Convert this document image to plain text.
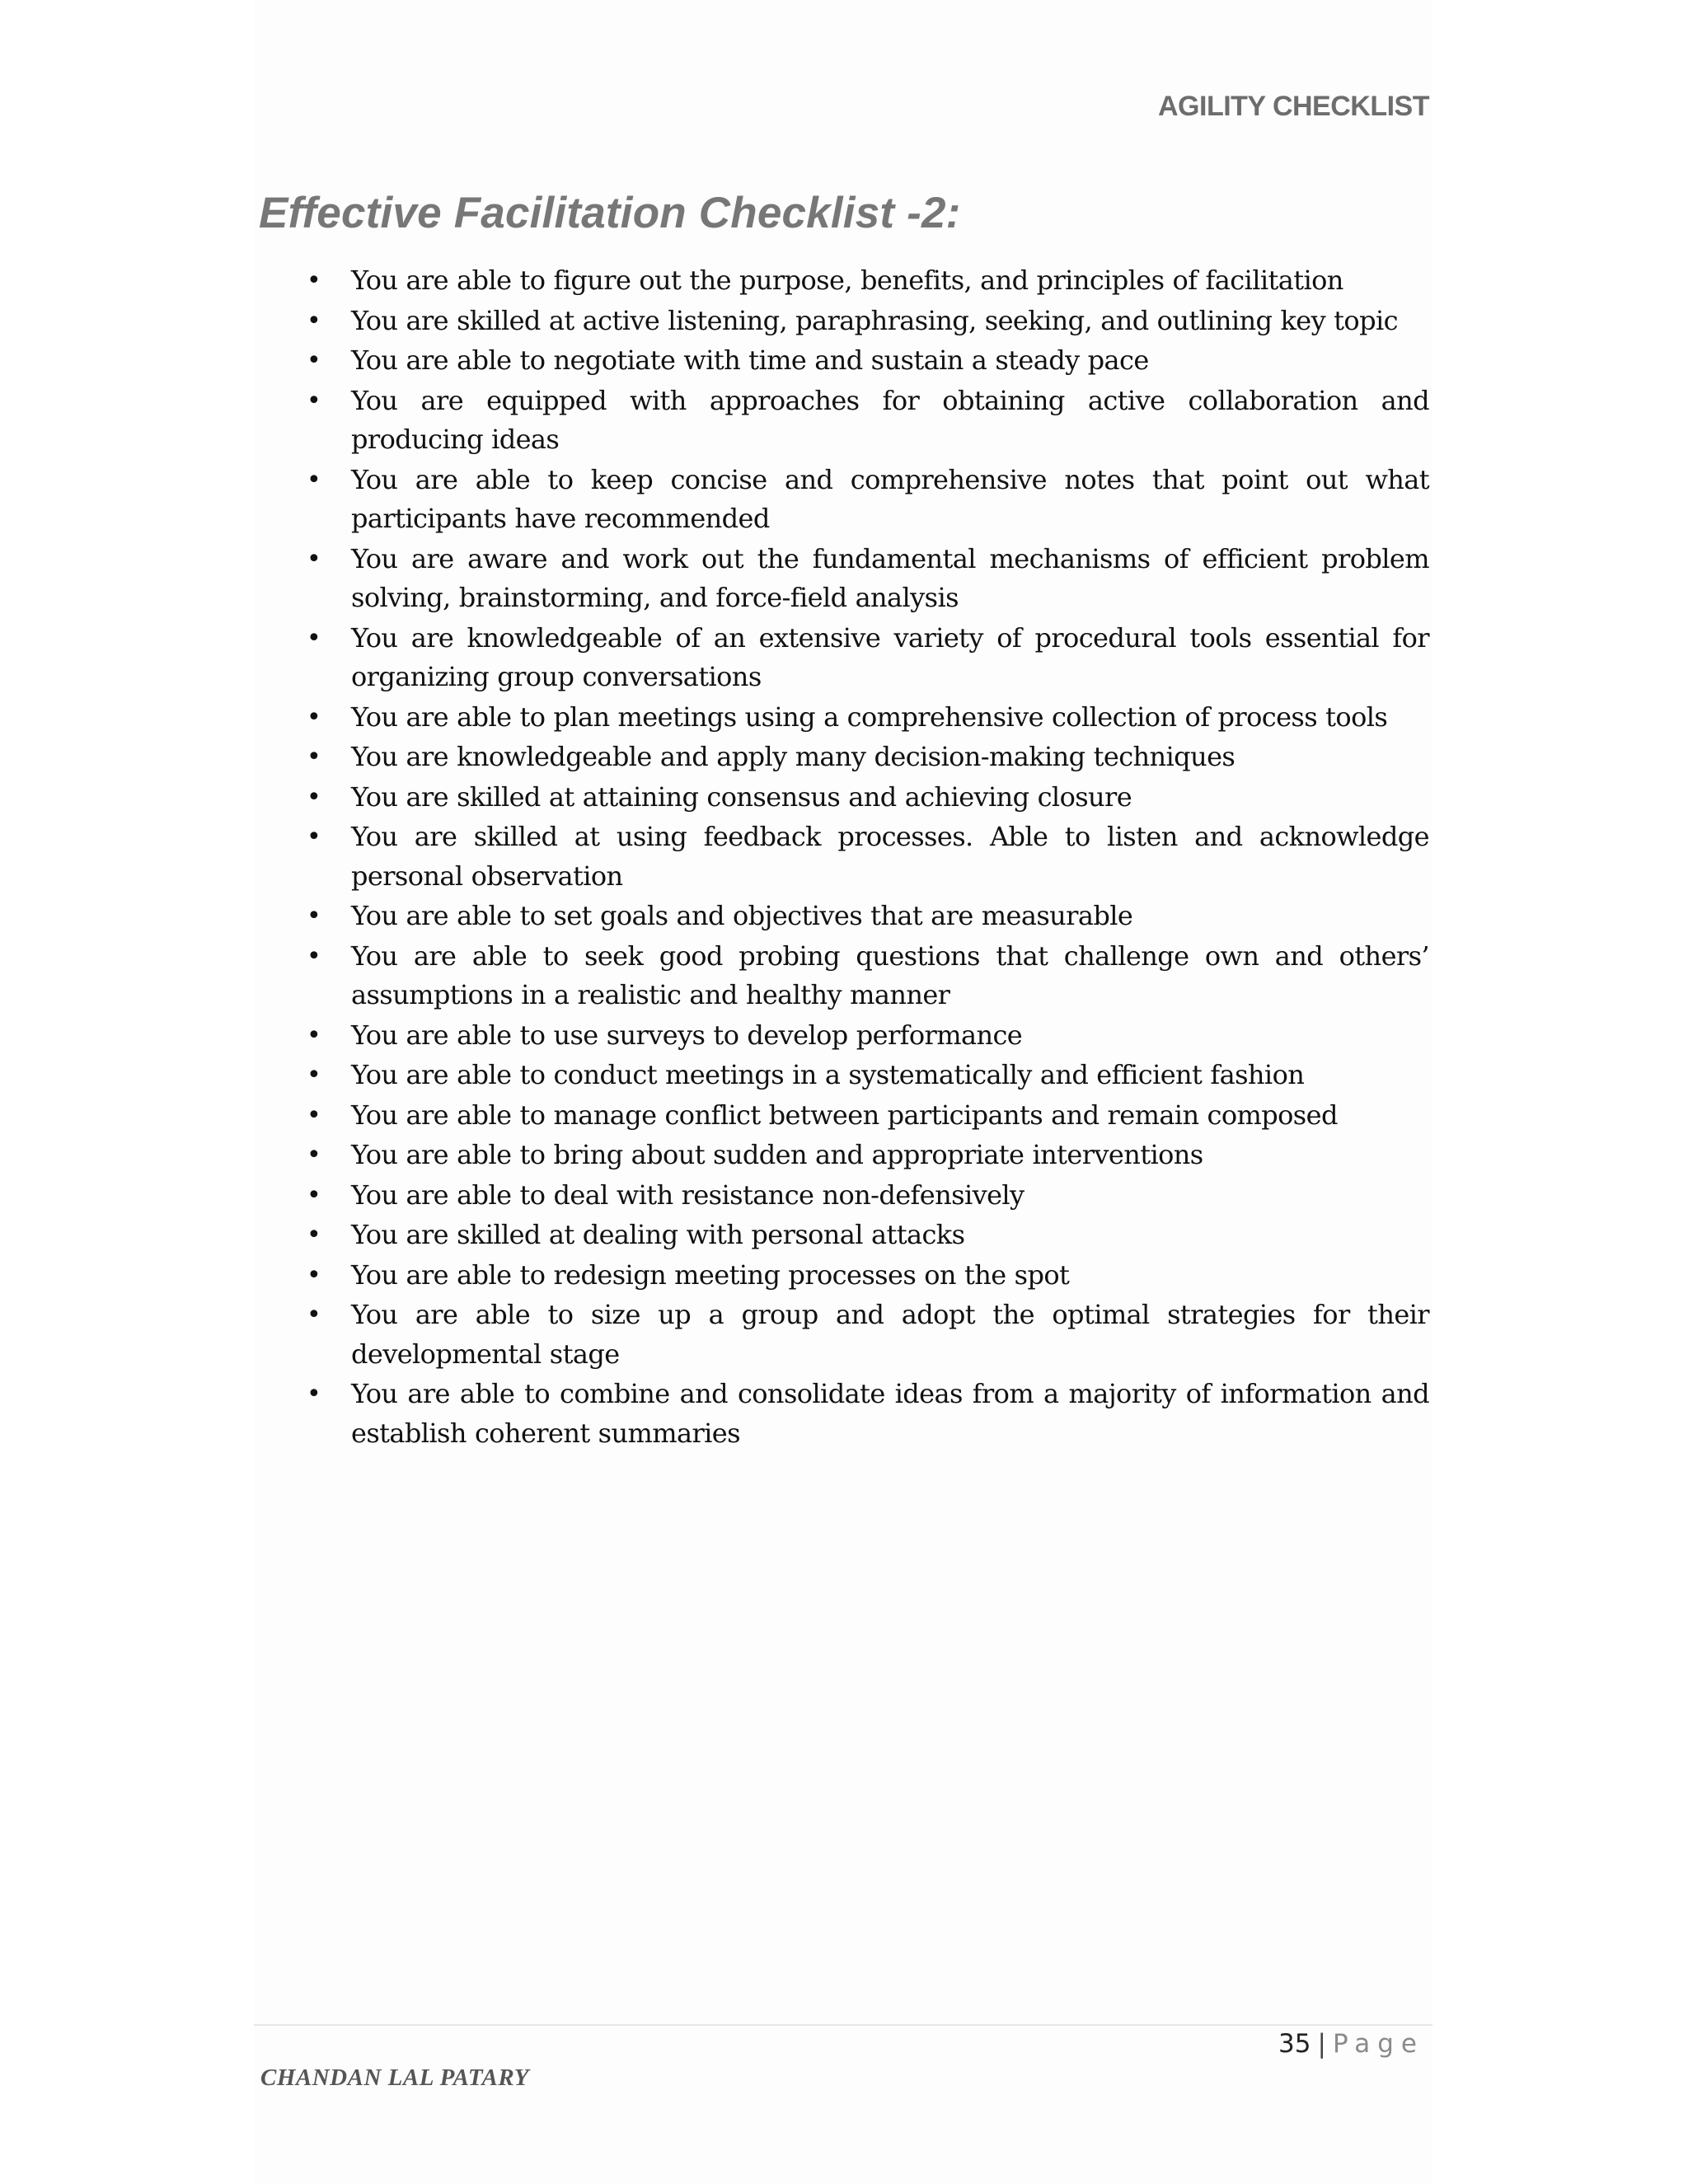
AGILITY CHECKLIST
Effective Facilitation Checklist -2:
• You are able to figure out the purpose, benefits, and principles of facilitation
• You are skilled at active listening, paraphrasing, seeking, and outlining key topic
• You are able to negotiate with time and sustain a steady pace
• You are equipped with approaches for obtaining active collaboration and producing ideas
• You are able to keep concise and comprehensive notes that point out what participants have recommended
• You are aware and work out the fundamental mechanisms of efficient problem solving, brainstorming, and force-field analysis
• You are knowledgeable of an extensive variety of procedural tools essential for organizing group conversations
• You are able to plan meetings using a comprehensive collection of process tools
• You are knowledgeable and apply many decision-making techniques
• You are skilled at attaining consensus and achieving closure
• You are skilled at using feedback processes. Able to listen and acknowledge personal observation
• You are able to set goals and objectives that are measurable
• You are able to seek good probing questions that challenge own and others’ assumptions in a realistic and healthy manner
• You are able to use surveys to develop performance
• You are able to conduct meetings in a systematically and efficient fashion
• You are able to manage conflict between participants and remain composed
• You are able to bring about sudden and appropriate interventions
• You are able to deal with resistance non-defensively
• You are skilled at dealing with personal attacks
• You are able to redesign meeting processes on the spot
• You are able to size up a group and adopt the optimal strategies for their developmental stage
• You are able to combine and consolidate ideas from a majority of information and establish coherent summaries
35 | Page
CHANDAN LAL PATARY
